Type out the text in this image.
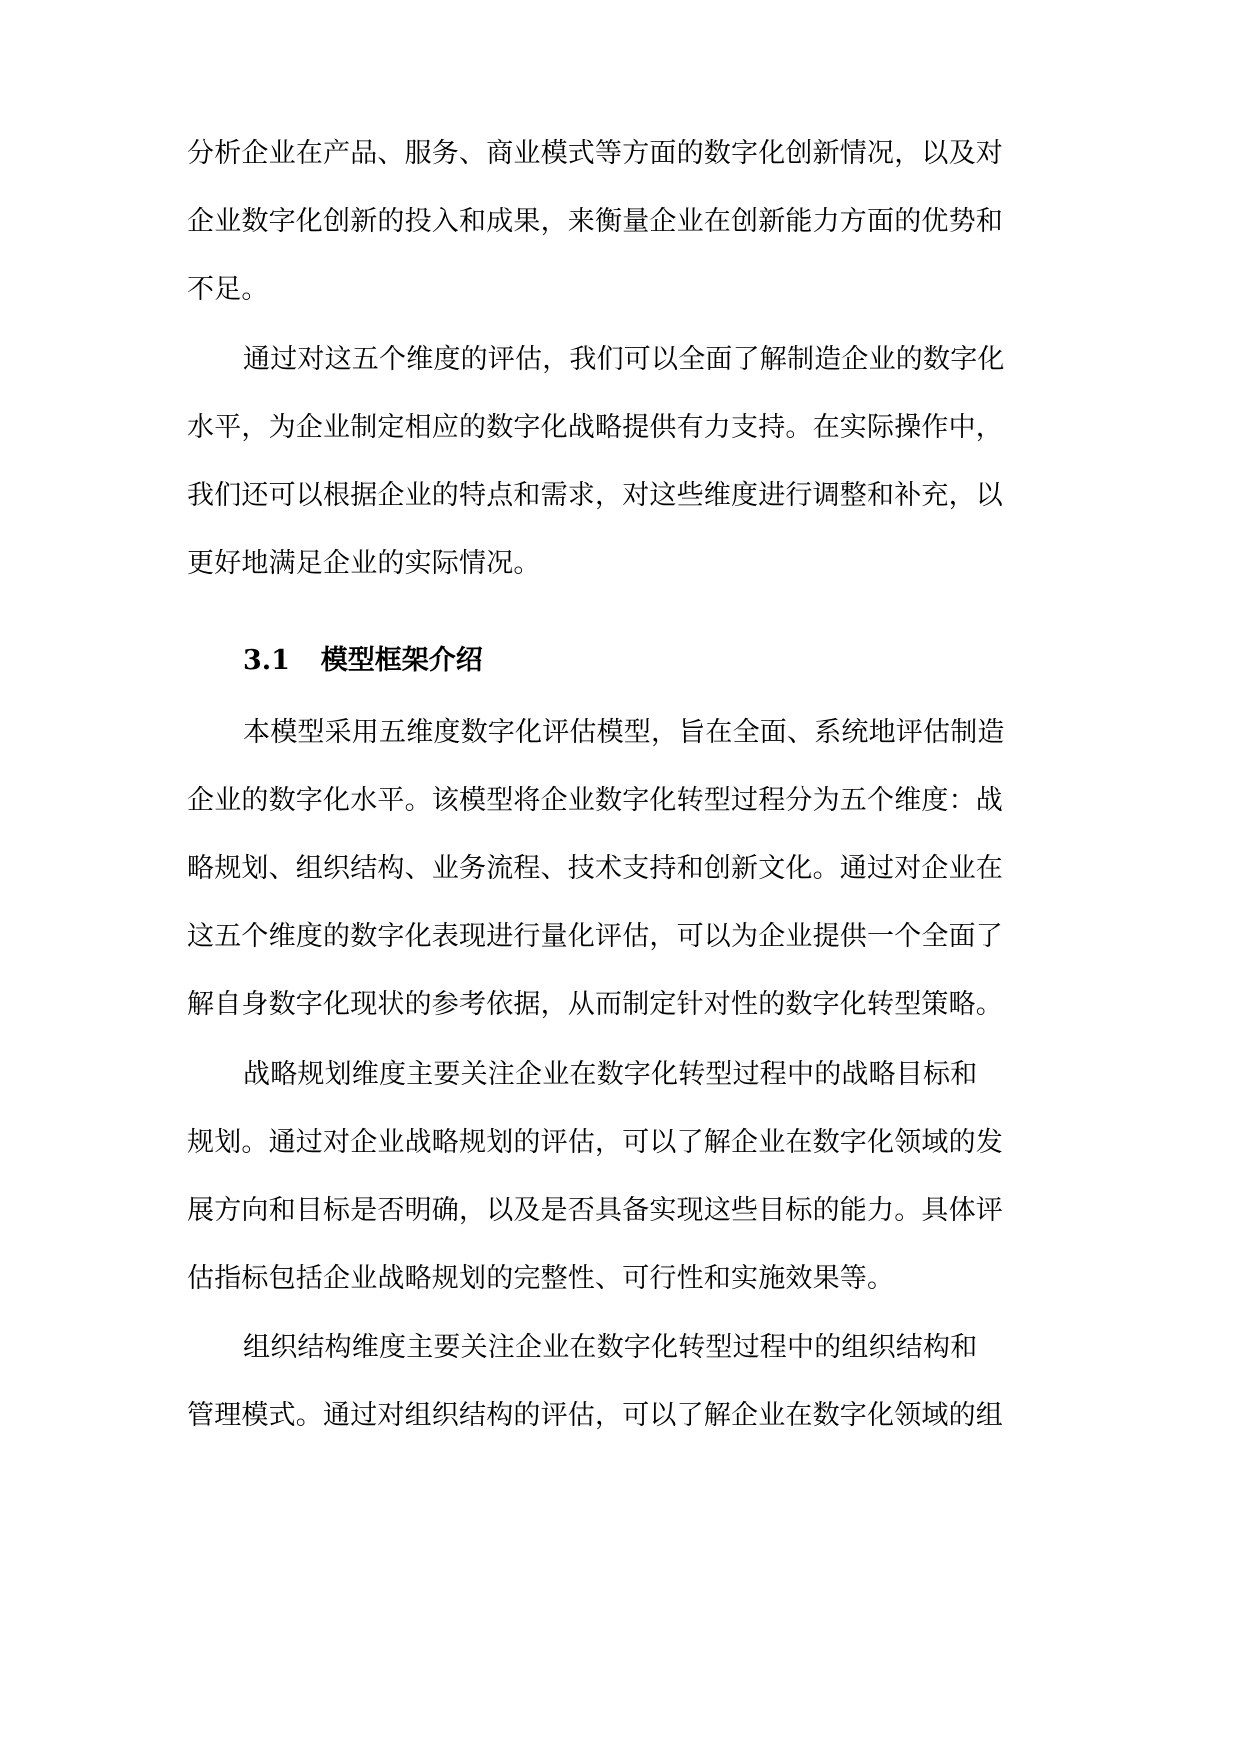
分析企业在产品、服务、商业模式等方面的数字化创新情况，以及对
企业数字化创新的投入和成果，来衡量企业在创新能力方面的优势和
不足。
通过对这五个维度的评估，我们可以全面了解制造企业的数字化
水平，为企业制定相应的数字化战略提供有力支持。在实际操作中，
我们还可以根据企业的特点和需求，对这些维度进行调整和补充，以
更好地满足企业的实际情况。
3.1 模型框架介绍
本模型采用五维度数字化评估模型，旨在全面、系统地评估制造
企业的数字化水平。该模型将企业数字化转型过程分为五个维度：战
略规划、组织结构、业务流程、技术支持和创新文化。通过对企业在
这五个维度的数字化表现进行量化评估，可以为企业提供一个全面了
解自身数字化现状的参考依据，从而制定针对性的数字化转型策略。
战略规划维度主要关注企业在数字化转型过程中的战略目标和
规划。通过对企业战略规划的评估，可以了解企业在数字化领域的发
展方向和目标是否明确，以及是否具备实现这些目标的能力。具体评
估指标包括企业战略规划的完整性、可行性和实施效果等。
组织结构维度主要关注企业在数字化转型过程中的组织结构和
管理模式。通过对组织结构的评估，可以了解企业在数字化领域的组
